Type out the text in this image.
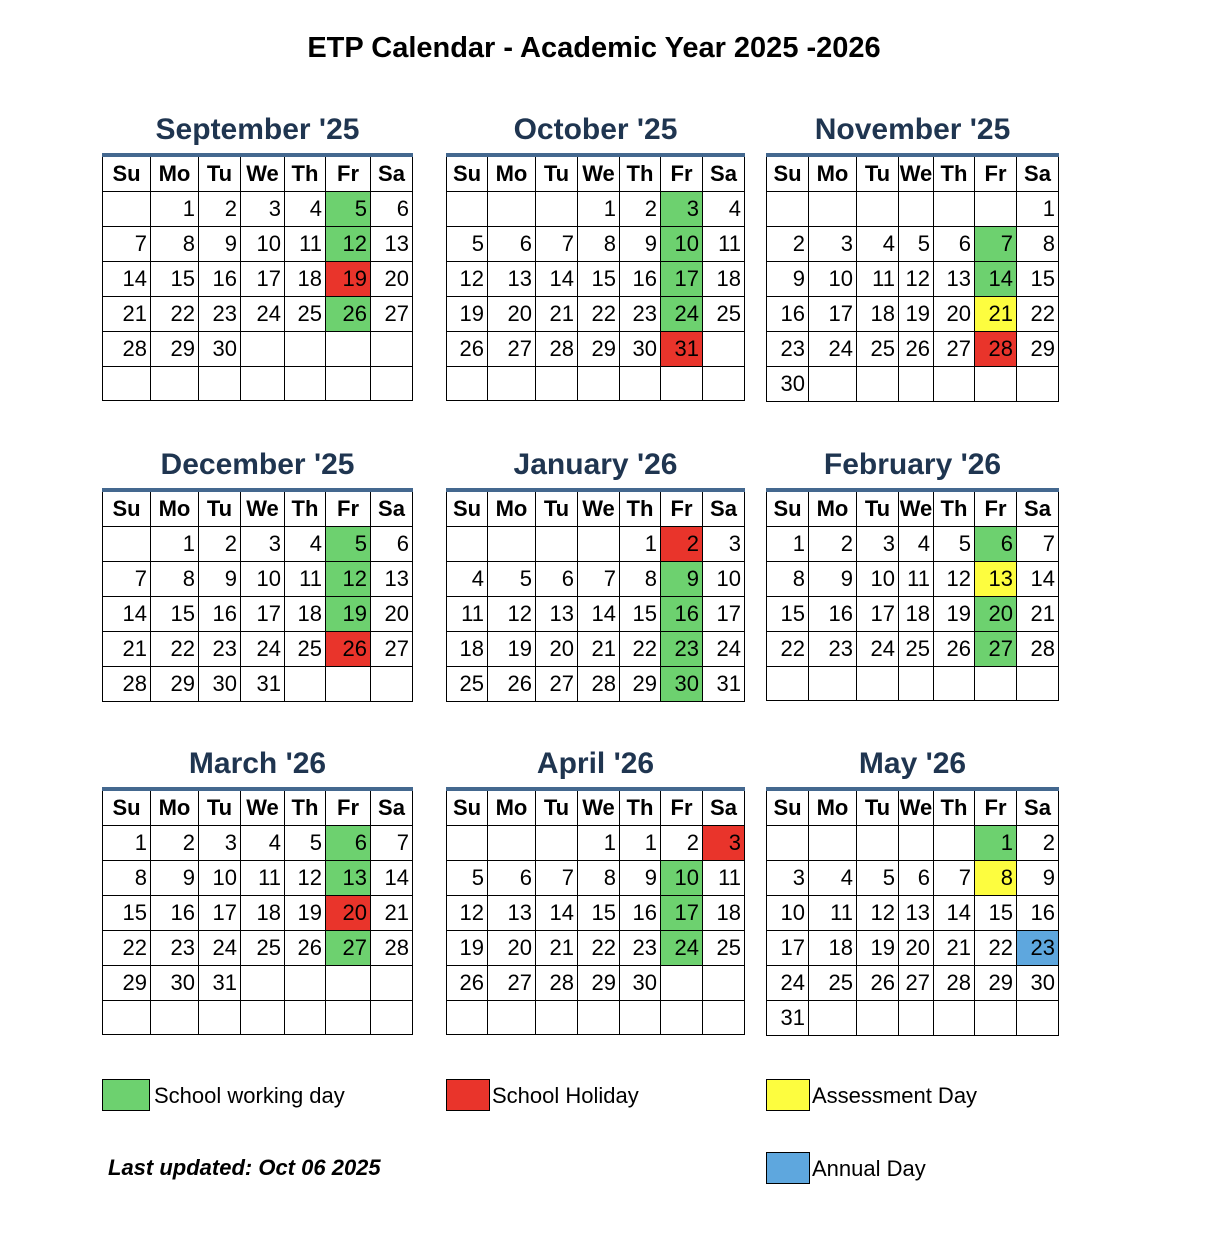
ETP Calendar - Academic Year 2025 -2026
September '25
Su	Mo	Tu	We	Th	Fr	Sa
	1	2	3	4	5	6
7	8	9	10	11	12	13
14	15	16	17	18	19	20
21	22	23	24	25	26	27
28	29	30				

October '25
Su	Mo	Tu	We	Th	Fr	Sa
			1	2	3	4
5	6	7	8	9	10	11
12	13	14	15	16	17	18
19	20	21	22	23	24	25
26	27	28	29	30	31	

November '25
Su	Mo	Tu	We	Th	Fr	Sa
						1
2	3	4	5	6	7	8
9	10	11	12	13	14	15
16	17	18	19	20	21	22
23	24	25	26	27	28	29
30						
December '25
Su	Mo	Tu	We	Th	Fr	Sa
	1	2	3	4	5	6
7	8	9	10	11	12	13
14	15	16	17	18	19	20
21	22	23	24	25	26	27
28	29	30	31			
January '26
Su	Mo	Tu	We	Th	Fr	Sa
				1	2	3
4	5	6	7	8	9	10
11	12	13	14	15	16	17
18	19	20	21	22	23	24
25	26	27	28	29	30	31
February '26
Su	Mo	Tu	We	Th	Fr	Sa
1	2	3	4	5	6	7
8	9	10	11	12	13	14
15	16	17	18	19	20	21
22	23	24	25	26	27	28

March '26
Su	Mo	Tu	We	Th	Fr	Sa
1	2	3	4	5	6	7
8	9	10	11	12	13	14
15	16	17	18	19	20	21
22	23	24	25	26	27	28
29	30	31				

April '26
Su	Mo	Tu	We	Th	Fr	Sa
			1	1	2	3
5	6	7	8	9	10	11
12	13	14	15	16	17	18
19	20	21	22	23	24	25
26	27	28	29	30		

May '26
Su	Mo	Tu	We	Th	Fr	Sa
					1	2
3	4	5	6	7	8	9
10	11	12	13	14	15	16
17	18	19	20	21	22	23
24	25	26	27	28	29	30
31						
School working day	School Holiday	Assessment Day
Annual Day
Last updated: Oct 06 2025
